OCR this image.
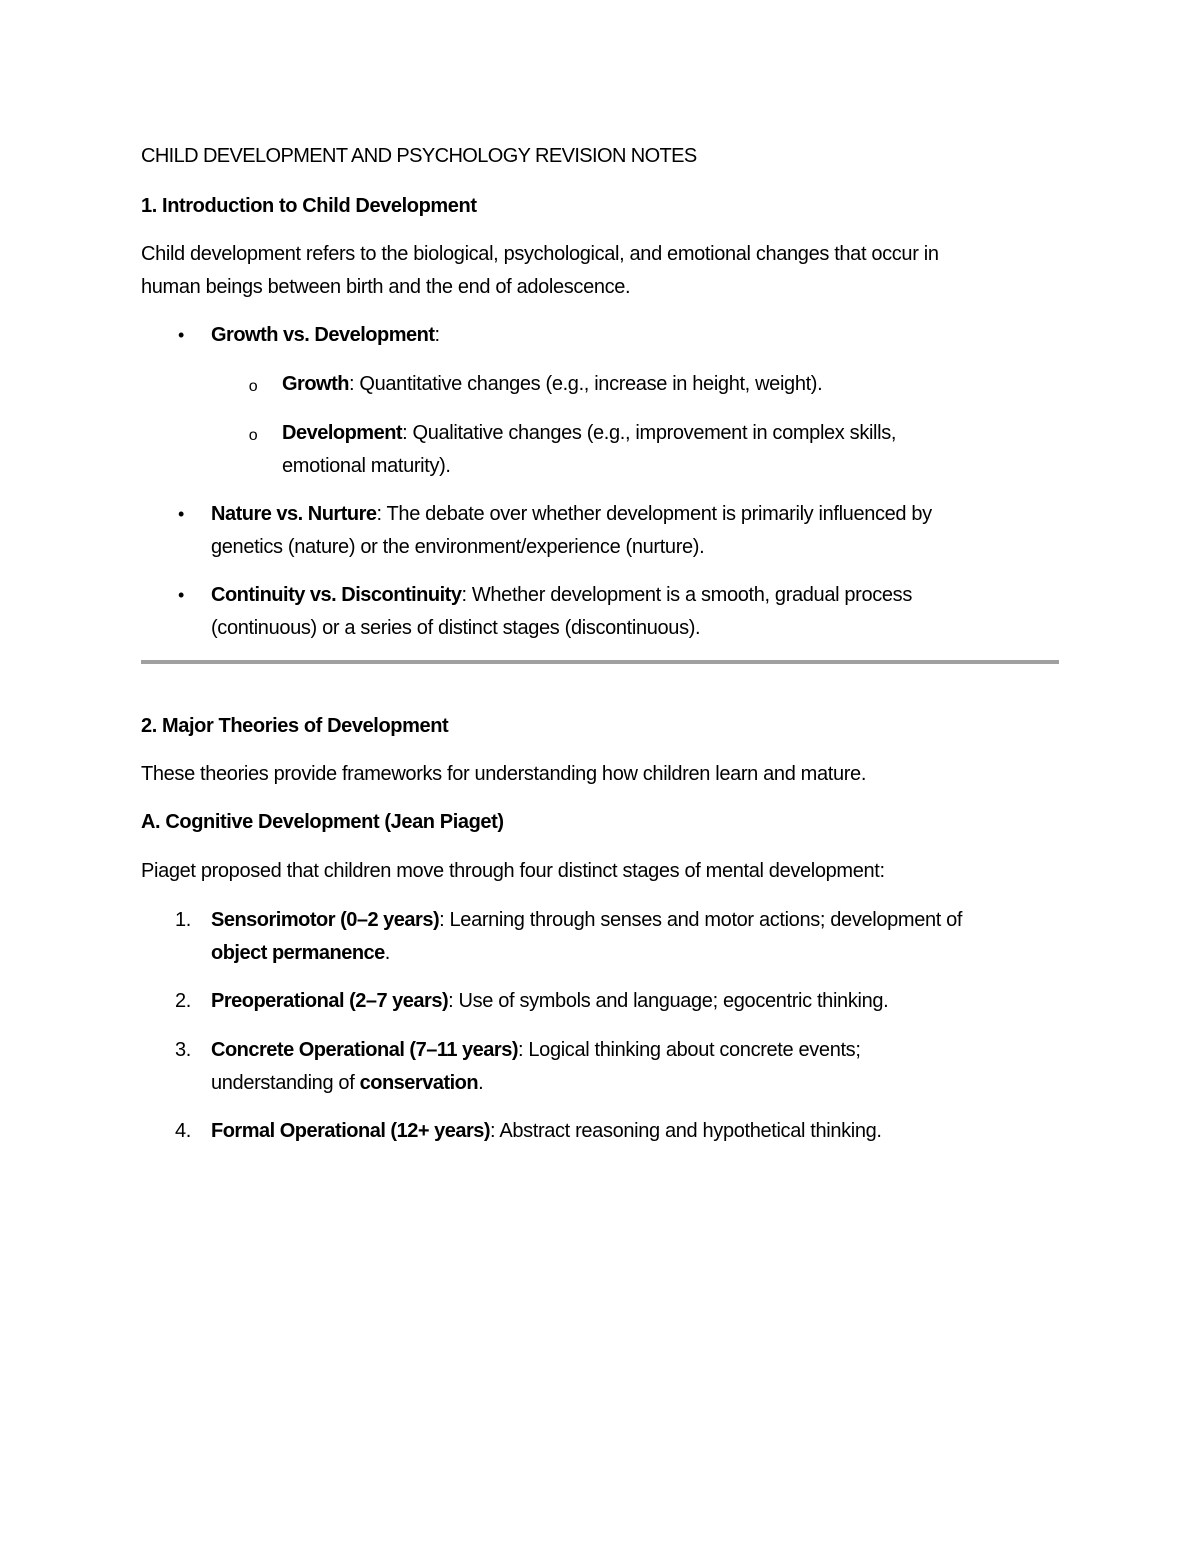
CHILD DEVELOPMENT AND PSYCHOLOGY REVISION NOTES
1. Introduction to Child Development

Child development refers to the biological, psychological, and emotional changes that occur in

human beings between birth and the end of adolescence.

•	Growth vs. Development:
o Growth: Quantitative changes (e.g., increase in height, weight).
o Development: Qualitative changes (e.g., improvement in complex skills,
emotional maturity).
•	Nature vs. Nurture: The debate over whether development is primarily influenced by
genetics (nature) or the environment/experience (nurture).
•	Continuity vs. Discontinuity: Whether development is a smooth, gradual process
(continuous) or a series of distinct stages (discontinuous).
2. Major Theories of Development

These theories provide frameworks for understanding how children learn and mature.

A. Cognitive Development (Jean Piaget)

Piaget proposed that children move through four distinct stages of mental development:

1. Sensorimotor (0–2 years): Learning through senses and motor actions; development of
object permanence.
2. Preoperational (2–7 years): Use of symbols and language; egocentric thinking.
3. Concrete Operational (7–11 years): Logical thinking about concrete events;
understanding of conservation.
4. Formal Operational (12+ years): Abstract reasoning and hypothetical thinking.
